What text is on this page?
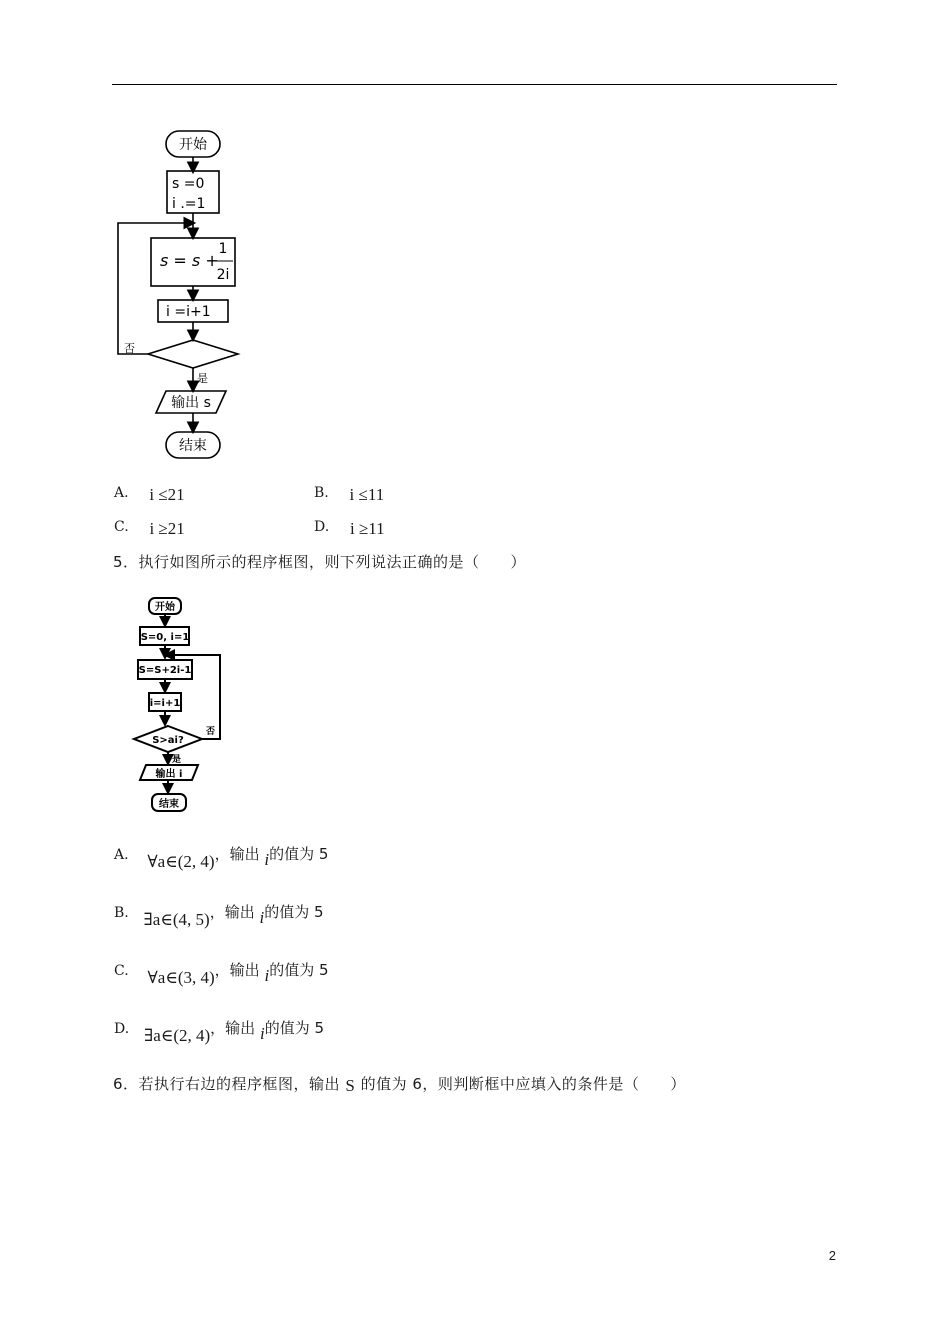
开始
s =0
i .=1
s = s +
1
2i
i =i+1
否
是
输出 s
结束
A. i ≤21	B. i ≤11
C. i ≥21	D. i ≥11
5．执行如图所示的程序框图，则下列说法正确的是（　　）
开始
S=0, i=1
S=S+2i-1
i=i+1
S>ai?
否
是
输出 i
结束
A. ∀a∈(2, 4)，输出 i的值为 5
B. ∃a∈(4, 5)，输出 i的值为 5
C. ∀a∈(3, 4)，输出 i的值为 5
D. ∃a∈(2, 4)，输出 i的值为 5
6．若执行右边的程序框图，输出 S 的值为 6，则判断框中应填入的条件是（　　）
2
